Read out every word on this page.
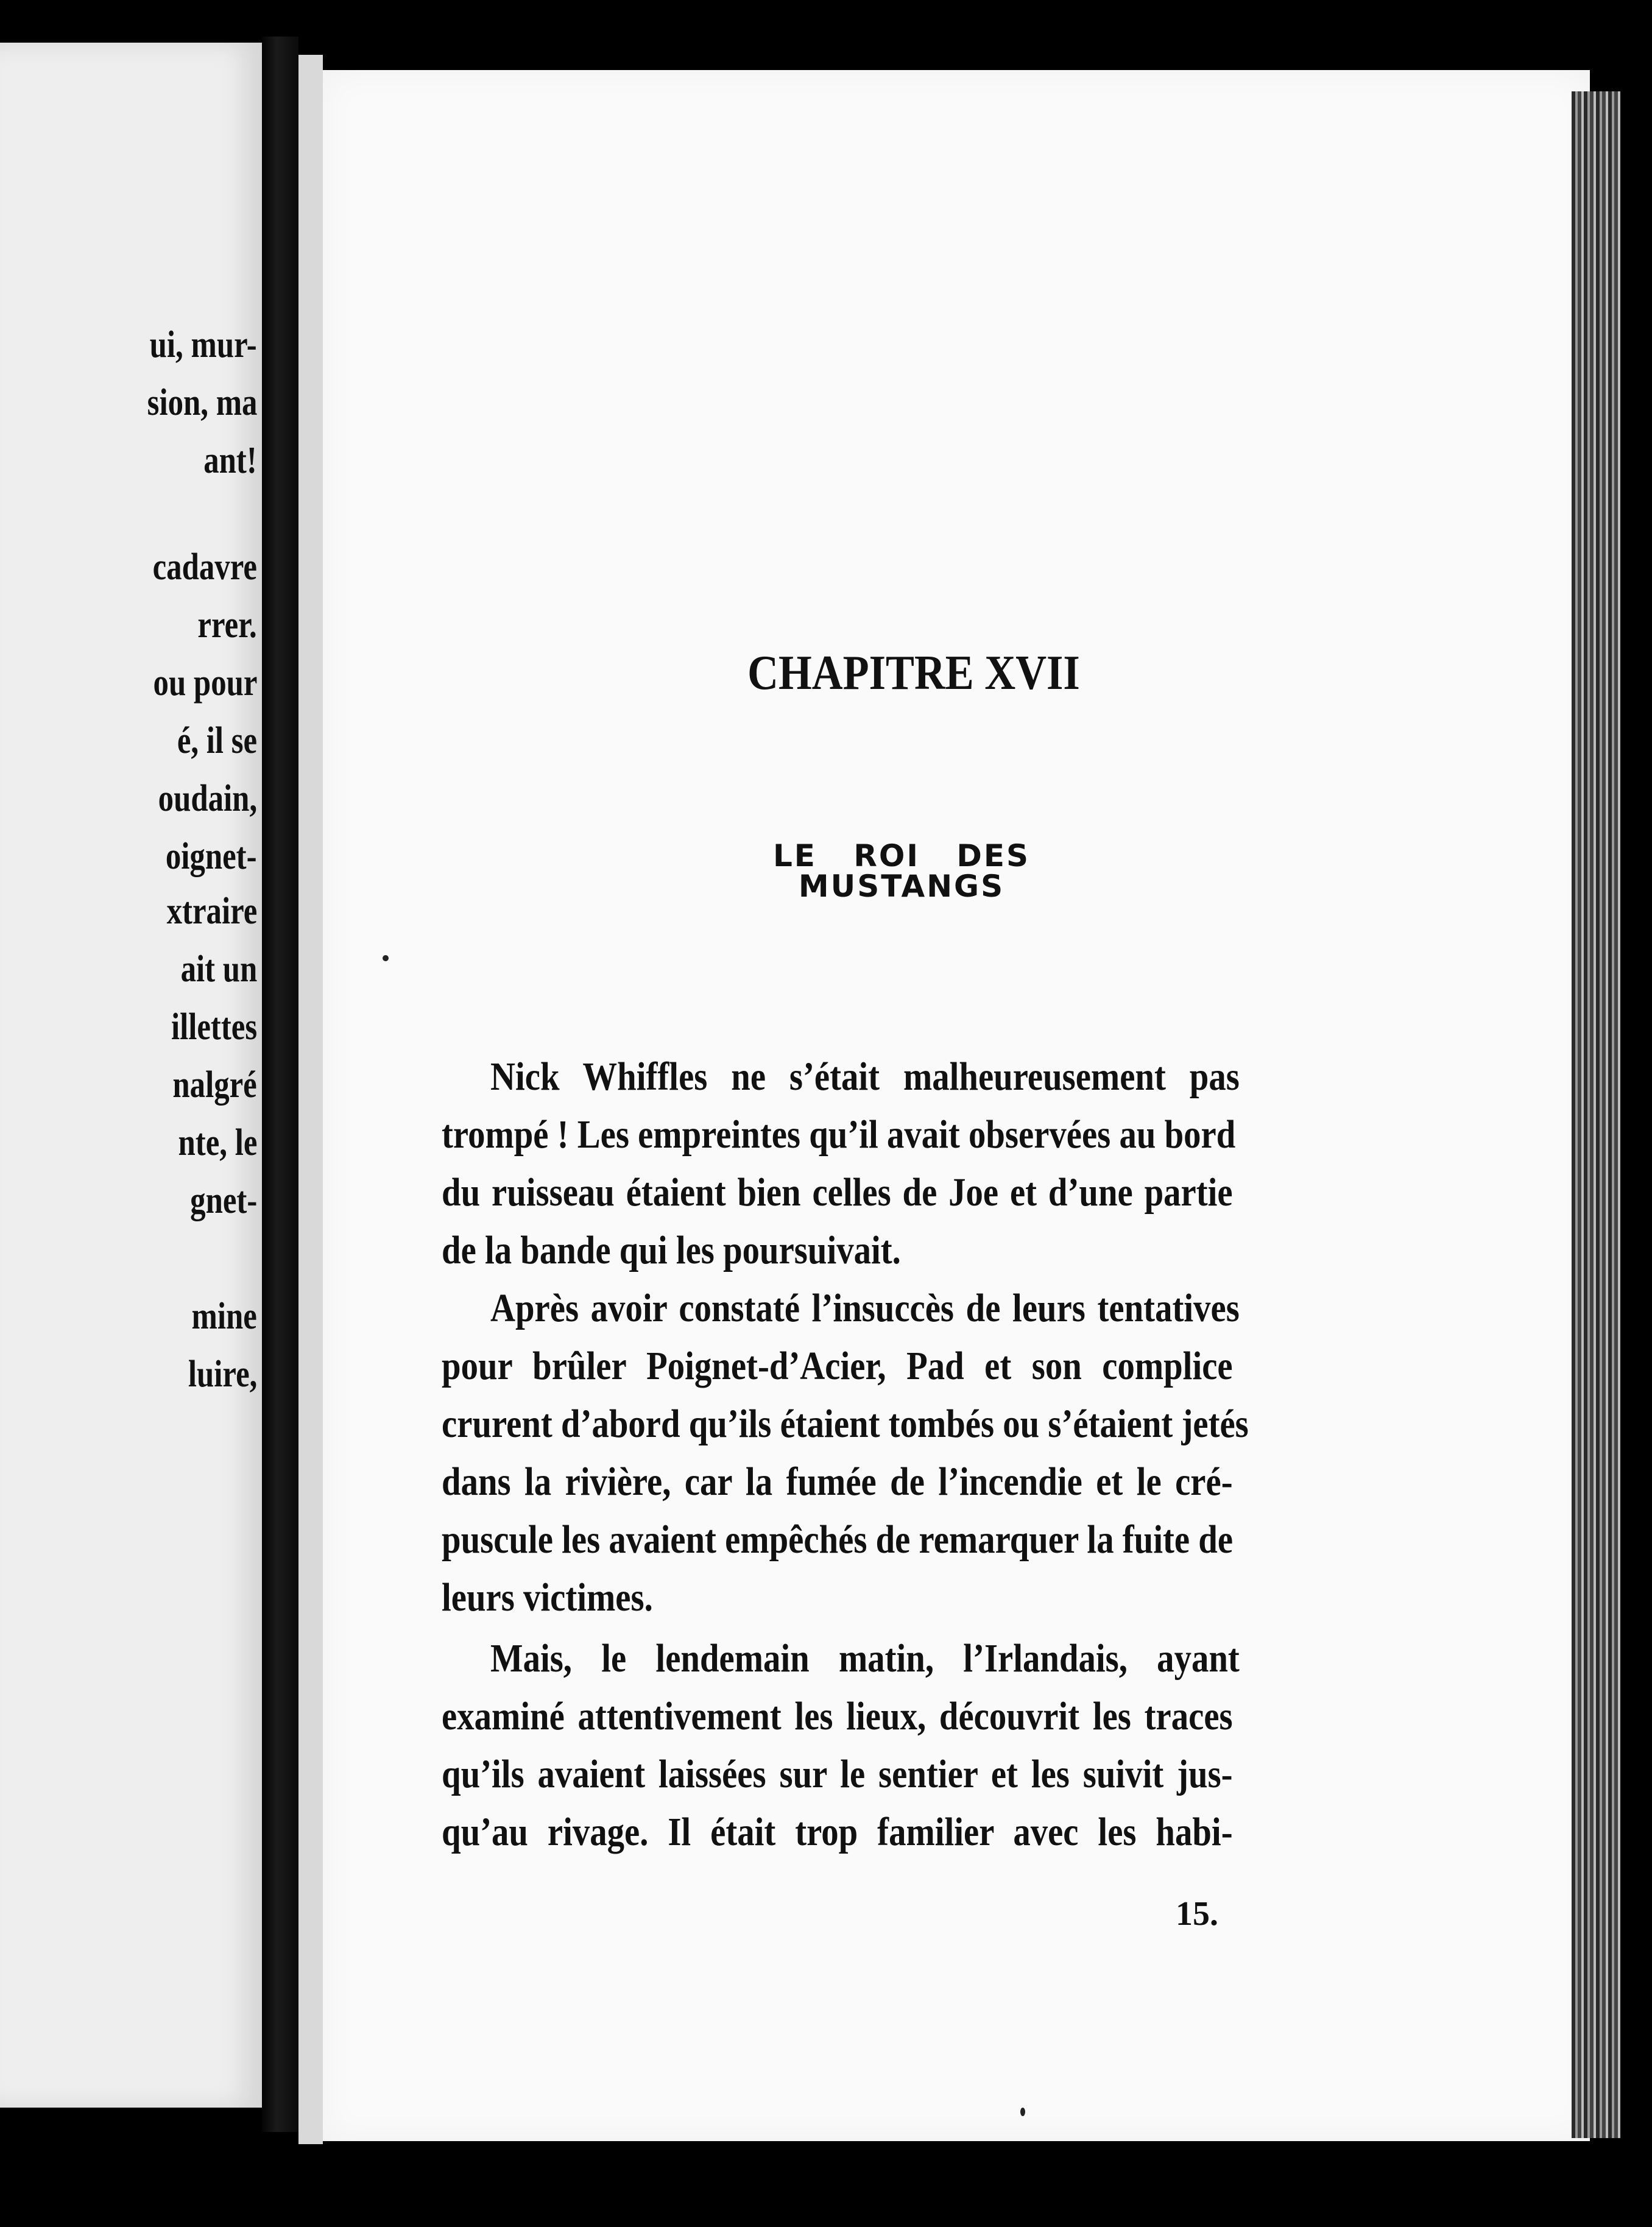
ui, mur-

sion, ma

ant!

cadavre

rrer.

ou pour

é, il se

oudain,

oignet-

xtraire

ait un

illettes

nalgré

nte, le

gnet-

mine

luire,

CHAPITRE XVII
LE ROI DES MUSTANGS

Nick Whiffles ne s’était malheureusement pas

trompé ! Les empreintes qu’il avait observées au bord

du ruisseau étaient bien celles de Joe et d’une partie

de la bande qui les poursuivait.

Après avoir constaté l’insuccès de leurs tentatives

pour brûler Poignet-d’Acier, Pad et son complice

crurent d’abord qu’ils étaient tombés ou s’étaient jetés

dans la rivière, car la fumée de l’incendie et le cré-

puscule les avaient empêchés de remarquer la fuite de

leurs victimes.

Mais, le lendemain matin, l’Irlandais, ayant

examiné attentivement les lieux, découvrit les traces

qu’ils avaient laissées sur le sentier et les suivit jus-

qu’au rivage. Il était trop familier avec les habi-

15.
